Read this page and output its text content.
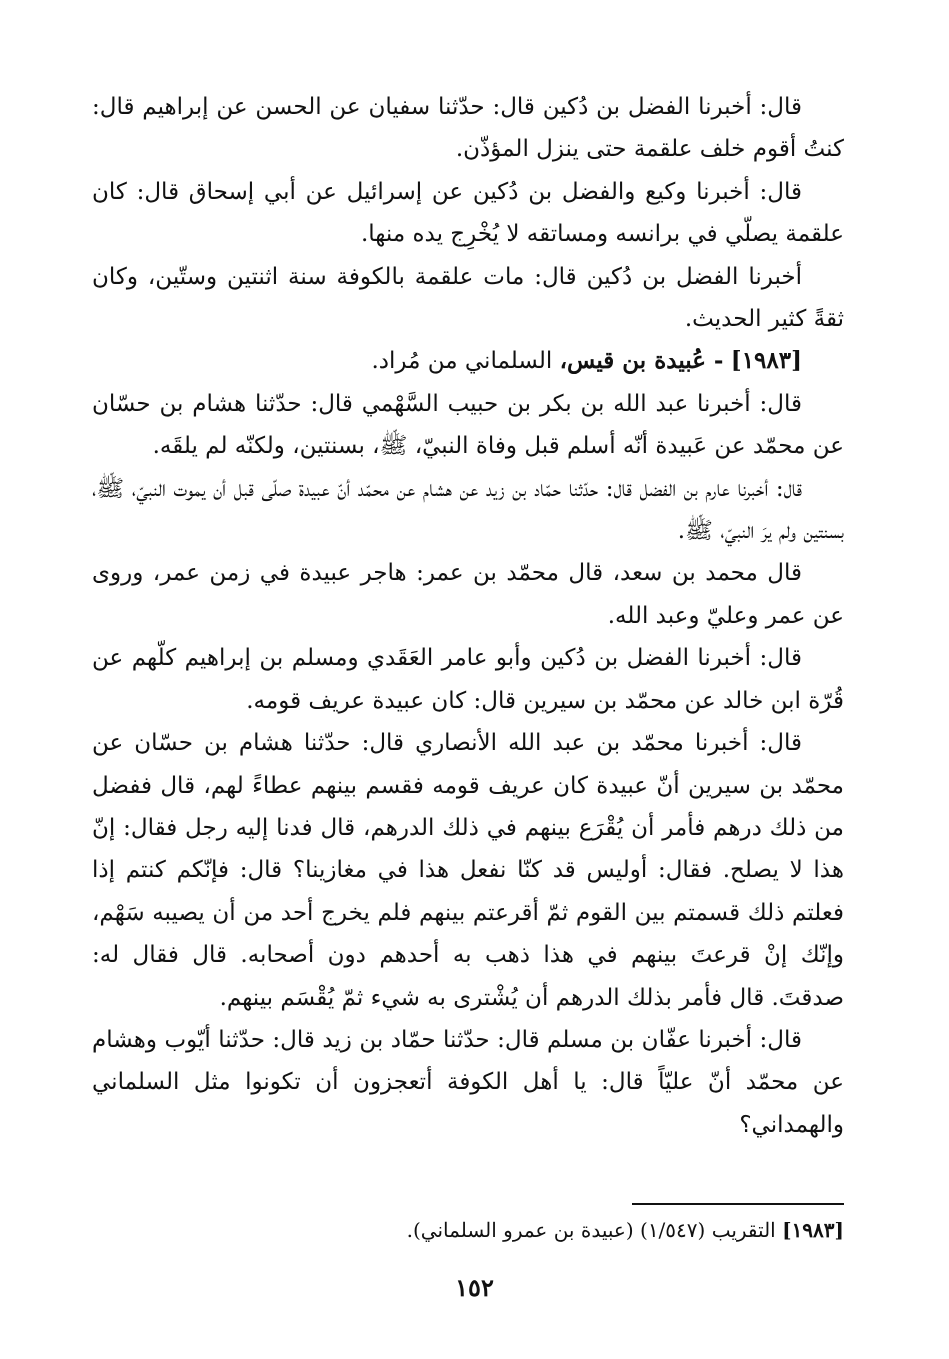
قال: أخبرنا الفضل بن دُكين قال: حدّثنا سفيان عن الحسن عن إبراهيم قال: كنتُ أقوم خلف علقمة حتى ينزل المؤذّن.

قال: أخبرنا وكيع والفضل بن دُكين عن إسرائيل عن أبي إسحاق قال: كان علقمة يصلّي في برانسه ومساتقه لا يُخْرِج يده منها.

أخبرنا الفضل بن دُكين قال: مات علقمة بالكوفة سنة اثنتين وستّين، وكان ثقةً كثير الحديث.

[١٩٨٣] - عُبيدة بن قيس، السلماني من مُراد.

قال: أخبرنا عبد الله بن بكر بن حبيب السَّهْمي قال: حدّثنا هشام بن حسّان عن محمّد عن عَبيدة أنّه أسلم قبل وفاة النبيّ، ﷺ، بسنتين، ولكنّه لم يلقَه.

قال: أخبرنا عارم بن الفضل قال: حدّثنا حمّاد بن زيد عن هشام عن محمّد أنّ عبيدة صلّى قبل أن يموت النبيّ، ﷺ، بسنتين ولم يرَ النبيّ، ﷺ.

قال محمد بن سعد، قال محمّد بن عمر: هاجر عبيدة في زمن عمر، وروى عن عمر وعليّ وعبد الله.

قال: أخبرنا الفضل بن دُكين وأبو عامر العَقَدي ومسلم بن إبراهيم كلّهم عن قُرّة ابن خالد عن محمّد بن سيرين قال: كان عبيدة عريف قومه.

قال: أخبرنا محمّد بن عبد الله الأنصاري قال: حدّثنا هشام بن حسّان عن محمّد بن سيرين أنّ عبيدة كان عريف قومه فقسم بينهم عطاءً لهم، قال ففضل من ذلك درهم فأمر أن يُقْرَع بينهم في ذلك الدرهم، قال فدنا إليه رجل فقال: إنّ هذا لا يصلح. فقال: أوليس قد كنّا نفعل هذا في مغازينا؟ قال: فإنّكم كنتم إذا فعلتم ذلك قسمتم بين القوم ثمّ أقرعتم بينهم فلم يخرج أحد من أن يصيبه سَهْم، وإنّك إنْ قرعتَ بينهم في هذا ذهب به أحدهم دون أصحابه. قال فقال له: صدقتَ. قال فأمر بذلك الدرهم أن يُشْترى به شيء ثمّ يُقْسَم بينهم.

قال: أخبرنا عفّان بن مسلم قال: حدّثنا حمّاد بن زيد قال: حدّثنا أيّوب وهشام عن محمّد أنّ عليّاً قال: يا أهل الكوفة أتعجزون أن تكونوا مثل السلماني والهمداني؟

[١٩٨٣] التقريب (١/٥٤٧) (عبيدة بن عمرو السلماني).
١٥٢
